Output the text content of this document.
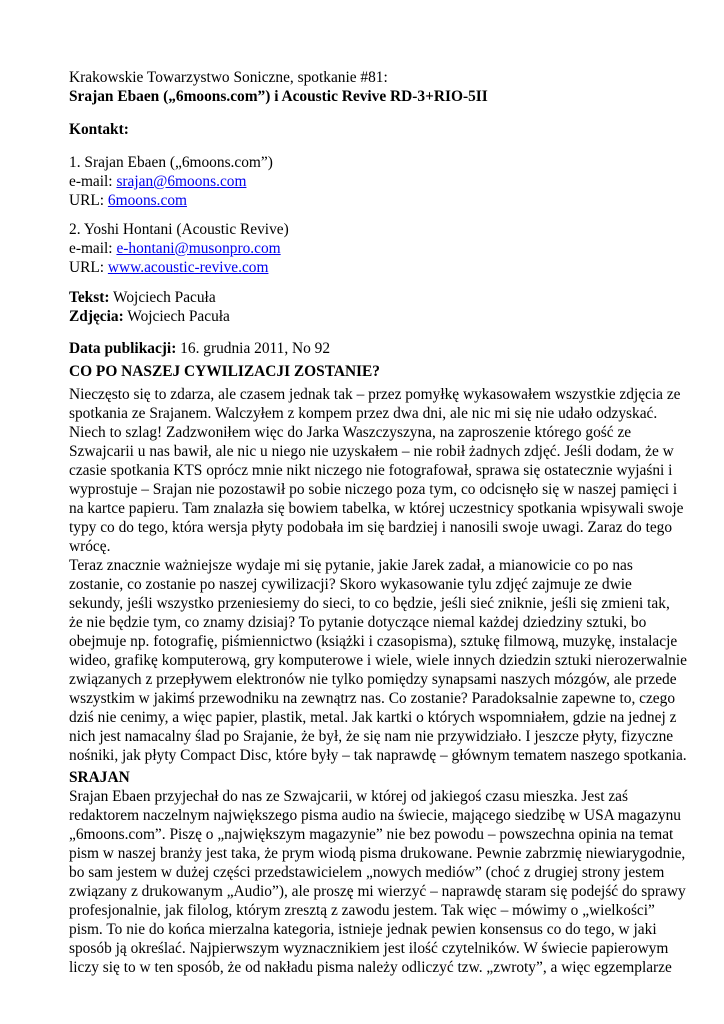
Krakowskie Towarzystwo Soniczne, spotkanie #81:
Srajan Ebaen („6moons.com”) i Acoustic Revive RD-3+RIO-5II
Kontakt:
1. Srajan Ebaen („6moons.com”)
e-mail: srajan@6moons.com
URL: 6moons.com
2. Yoshi Hontani (Acoustic Revive)
e-mail: e-hontani@musonpro.com
URL: www.acoustic-revive.com
Tekst: Wojciech Pacuła
Zdjęcia: Wojciech Pacuła
Data publikacji: 16. grudnia 2011, No 92
CO PO NASZEJ CYWILIZACJI ZOSTANIE?

Nieczęsto się to zdarza, ale czasem jednak tak – przez pomyłkę wykasowałem wszystkie zdjęcia ze
spotkania ze Srajanem. Walczyłem z kompem przez dwa dni, ale nic mi się nie udało odzyskać.
Niech to szlag! Zadzwoniłem więc do Jarka Waszczyszyna, na zaproszenie którego gość ze
Szwajcarii u nas bawił, ale nic u niego nie uzyskałem – nie robił żadnych zdjęć. Jeśli dodam, że w
czasie spotkania KTS oprócz mnie nikt niczego nie fotografował, sprawa się ostatecznie wyjaśni i
wyprostuje – Srajan nie pozostawił po sobie niczego poza tym, co odcisnęło się w naszej pamięci i
na kartce papieru. Tam znalazła się bowiem tabelka, w której uczestnicy spotkania wpisywali swoje
typy co do tego, która wersja płyty podobała im się bardziej i nanosili swoje uwagi. Zaraz do tego
wrócę.
Teraz znacznie ważniejsze wydaje mi się pytanie, jakie Jarek zadał, a mianowicie co po nas
zostanie, co zostanie po naszej cywilizacji? Skoro wykasowanie tylu zdjęć zajmuje ze dwie
sekundy, jeśli wszystko przeniesiemy do sieci, to co będzie, jeśli sieć zniknie, jeśli się zmieni tak,
że nie będzie tym, co znamy dzisiaj? To pytanie dotyczące niemal każdej dziedziny sztuki, bo
obejmuje np. fotografię, piśmiennictwo (książki i czasopisma), sztukę filmową, muzykę, instalacje
wideo, grafikę komputerową, gry komputerowe i wiele, wiele innych dziedzin sztuki nierozerwalnie
związanych z przepływem elektronów nie tylko pomiędzy synapsami naszych mózgów, ale przede
wszystkim w jakimś przewodniku na zewnątrz nas. Co zostanie? Paradoksalnie zapewne to, czego
dziś nie cenimy, a więc papier, plastik, metal. Jak kartki o których wspomniałem, gdzie na jednej z
nich jest namacalny ślad po Srajanie, że był, że się nam nie przywidziało. I jeszcze płyty, fizyczne
nośniki, jak płyty Compact Disc, które były – tak naprawdę – głównym tematem naszego spotkania.

SRAJAN

Srajan Ebaen przyjechał do nas ze Szwajcarii, w której od jakiegoś czasu mieszka. Jest zaś
redaktorem naczelnym największego pisma audio na świecie, mającego siedzibę w USA magazynu
„6moons.com”. Piszę o „największym magazynie” nie bez powodu – powszechna opinia na temat
pism w naszej branży jest taka, że prym wiodą pisma drukowane. Pewnie zabrzmię niewiarygodnie,
bo sam jestem w dużej części przedstawicielem „nowych mediów” (choć z drugiej strony jestem
związany z drukowanym „Audio”), ale proszę mi wierzyć – naprawdę staram się podejść do sprawy
profesjonalnie, jak filolog, którym zresztą z zawodu jestem. Tak więc – mówimy o „wielkości”
pism. To nie do końca mierzalna kategoria, istnieje jednak pewien konsensus co do tego, w jaki
sposób ją określać. Najpierwszym wyznacznikiem jest ilość czytelników. W świecie papierowym
liczy się to w ten sposób, że od nakładu pisma należy odliczyć tzw. „zwroty”, a więc egzemplarze
